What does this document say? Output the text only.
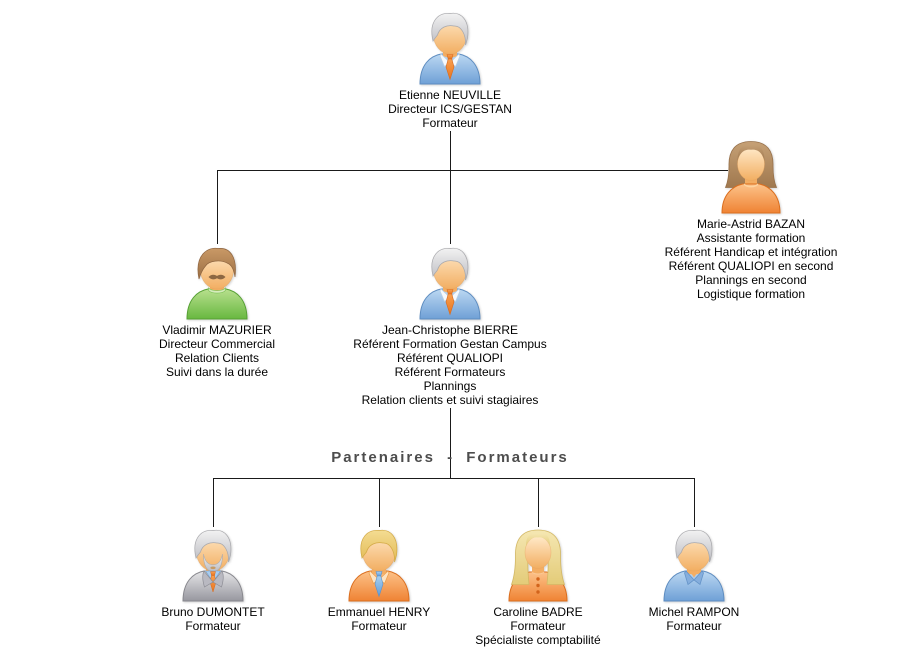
Partenaires - Formateurs
Etienne NEUVILLE
Directeur ICS/GESTAN
Formateur
Marie-Astrid BAZAN
Assistante formation
Référent Handicap et intégration
Référent QUALIOPI en second
Plannings en second
Logistique formation
Vladimir MAZURIER
Directeur Commercial
Relation Clients
Suivi dans la durée
Jean-Christophe BIERRE
Référent Formation Gestan Campus
Référent QUALIOPI
Référent Formateurs
Plannings
Relation clients et suivi stagiaires
Bruno DUMONTET
Formateur
Emmanuel HENRY
Formateur
Caroline BADRE
Formateur
Spécialiste comptabilité
Michel RAMPON
Formateur
